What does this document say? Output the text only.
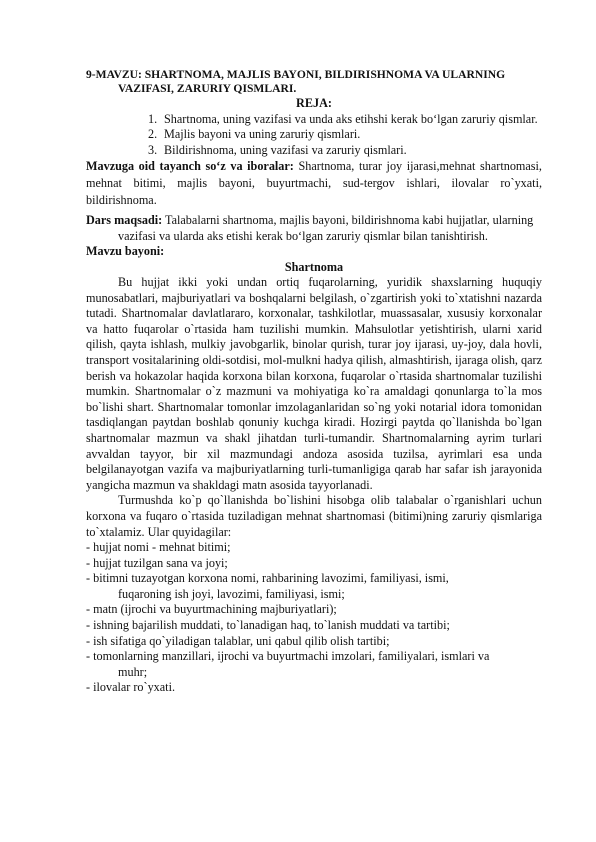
9-MAVZU: SHARTNOMA, MAJLIS BAYONI, BILDIRISHNOMA VA ULARNING
VAZIFASI, ZARURIY QISMLARI.
REJA:
1. Shartnoma, uning vazifasi va unda aks etihshi kerak bo‘lgan zaruriy qismlar.
2. Majlis bayoni va uning zaruriy qismlari.
3. Bildirishnoma, uning vazifasi va zaruriy qismlari.
Mavzuga oid tayanch so‘z va iboralar: Shartnoma, turar joy ijarasi,mehnat shartnomasi, mehnat bitimi, majlis bayoni, buyurtmachi, sud-tergov ishlari, ilovalar ro`yxati, bildirishnoma.
Dars maqsadi: Talabalarni shartnoma, majlis bayoni, bildirishnoma kabi hujjatlar, ularning vazifasi va ularda aks etishi kerak bo‘lgan zaruriy qismlar bilan tanishtirish.
Mavzu bayoni:
Shartnoma
Bu hujjat ikki yoki undan ortiq fuqarolarning, yuridik shaxslarning huquqiy munosabatlari, majburiyatlari va boshqalarni belgilash, o`zgartirish yoki to`xtatishni nazarda tutadi. Shartnomalar davlatlararo, korxonalar, tashkilotlar, muassasalar, xususiy korxonalar va hatto fuqarolar o`rtasida ham tuzilishi mumkin. Mahsulotlar yetishtirish, ularni xarid qilish, qayta ishlash, mulkiy javobgarlik, binolar qurish, turar joy ijarasi, uy-joy, dala hovli, transport vositalarining oldi-sotdisi, mol-mulkni hadya qilish, almashtirish, ijaraga olish, qarz berish va hokazolar haqida korxona bilan korxona, fuqarolar o`rtasida shartnomalar tuzilishi mumkin. Shartnomalar o`z mazmuni va mohiyatiga ko`ra amaldagi qonunlarga to`la mos bo`lishi shart. Shartnomalar tomonlar imzolaganlaridan so`ng yoki notarial idora tomonidan tasdiqlangan paytdan boshlab qonuniy kuchga kiradi. Hozirgi paytda qo`llanishda bo`lgan shartnomalar mazmun va shakl jihatdan turli-tumandir. Shartnomalarning ayrim turlari avvaldan tayyor, bir xil mazmundagi andoza asosida tuzilsa, ayrimlari esa unda belgilanayotgan vazifa va majburiyatlarning turli-tumanligiga qarab har safar ish jarayonida yangicha mazmun va shakldagi matn asosida tayyorlanadi.
Turmushda ko`p qo`llanishda bo`lishini hisobga olib talabalar o`rganishlari uchun korxona va fuqaro o`rtasida tuziladigan mehnat shartnomasi (bitimi)ning zaruriy qismlariga to`xtalamiz. Ular quyidagilar:
- hujjat nomi - mehnat bitimi;
- hujjat tuzilgan sana va joyi;
- bitimni tuzayotgan korxona nomi, rahbarining lavozimi, familiyasi, ismi,
fuqaroning ish joyi, lavozimi, familiyasi, ismi;
- matn (ijrochi va buyurtmachining majburiyatlari);
- ishning bajarilish muddati, to`lanadigan haq, to`lanish muddati va tartibi;
- ish sifatiga qo`yiladigan talablar, uni qabul qilib olish tartibi;
- tomonlarning manzillari, ijrochi va buyurtmachi imzolari, familiyalari, ismlari va
muhr;
- ilovalar ro`yxati.
